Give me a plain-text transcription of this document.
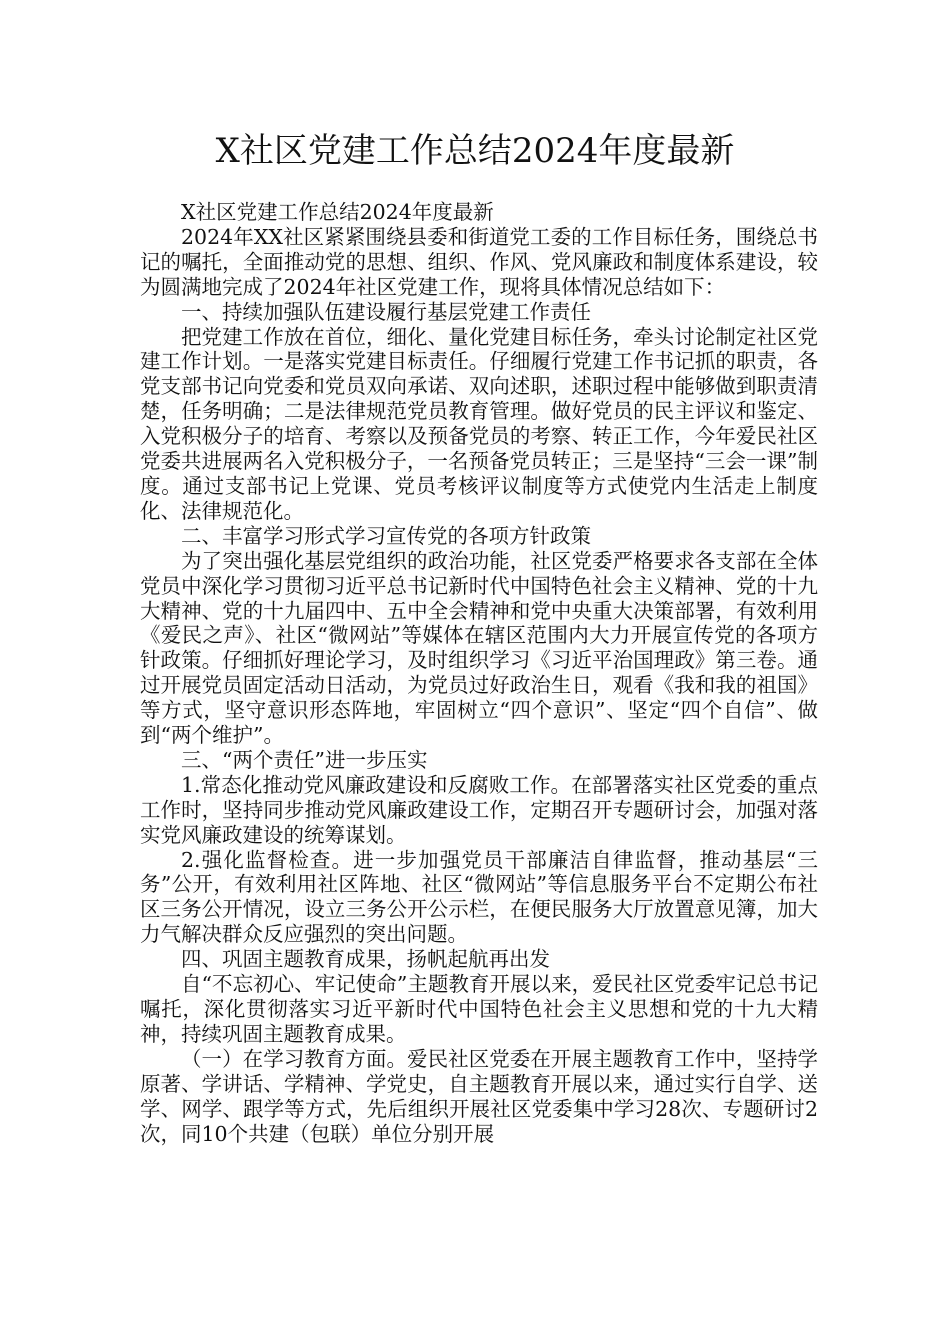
X社区党建工作总结2024年度最新

X社区党建工作总结2024年度最新

2024年XX社区紧紧围绕县委和街道党工委的工作目标任务，围绕总书记的嘱托，全面推动党的思想、组织、作风、党风廉政和制度体系建设，较为圆满地完成了2024年社区党建工作，现将具体情况总结如下：

一、持续加强队伍建设履行基层党建工作责任

把党建工作放在首位，细化、量化党建目标任务，牵头讨论制定社区党建工作计划。一是落实党建目标责任。仔细履行党建工作书记抓的职责，各党支部书记向党委和党员双向承诺、双向述职，述职过程中能够做到职责清楚，任务明确；二是法律规范党员教育管理。做好党员的民主评议和鉴定、入党积极分子的培育、考察以及预备党员的考察、转正工作，今年爱民社区党委共进展两名入党积极分子，一名预备党员转正；三是坚持“三会一课”制度。通过支部书记上党课、党员考核评议制度等方式使党内生活走上制度化、法律规范化。

二、丰富学习形式学习宣传党的各项方针政策

为了突出强化基层党组织的政治功能，社区党委严格要求各支部在全体党员中深化学习贯彻习近平总书记新时代中国特色社会主义精神、党的十九大精神、党的十九届四中、五中全会精神和党中央重大决策部署，有效利用《爱民之声》、社区“微网站”等媒体在辖区范围内大力开展宣传党的各项方针政策。仔细抓好理论学习，及时组织学习《习近平治国理政》第三卷。通过开展党员固定活动日活动，为党员过好政治生日，观看《我和我的祖国》等方式，坚守意识形态阵地，牢固树立“四个意识”、坚定“四个自信”、做到“两个维护”。

三、“两个责任”进一步压实

1.常态化推动党风廉政建设和反腐败工作。在部署落实社区党委的重点工作时，坚持同步推动党风廉政建设工作，定期召开专题研讨会，加强对落实党风廉政建设的统筹谋划。

2.强化监督检查。进一步加强党员干部廉洁自律监督，推动基层“三务”公开，有效利用社区阵地、社区“微网站”等信息服务平台不定期公布社区三务公开情况，设立三务公开公示栏，在便民服务大厅放置意见簿，加大力气解决群众反应强烈的突出问题。

四、巩固主题教育成果，扬帆起航再出发

自“不忘初心、牢记使命”主题教育开展以来，爱民社区党委牢记总书记嘱托，深化贯彻落实习近平新时代中国特色社会主义思想和党的十九大精神，持续巩固主题教育成果。

（一）在学习教育方面。爱民社区党委在开展主题教育工作中，坚持学原著、学讲话、学精神、学党史，自主题教育开展以来，通过实行自学、送学、网学、跟学等方式，先后组织开展社区党委集中学习28次、专题研讨2次，同10个共建（包联）单位分别开展
